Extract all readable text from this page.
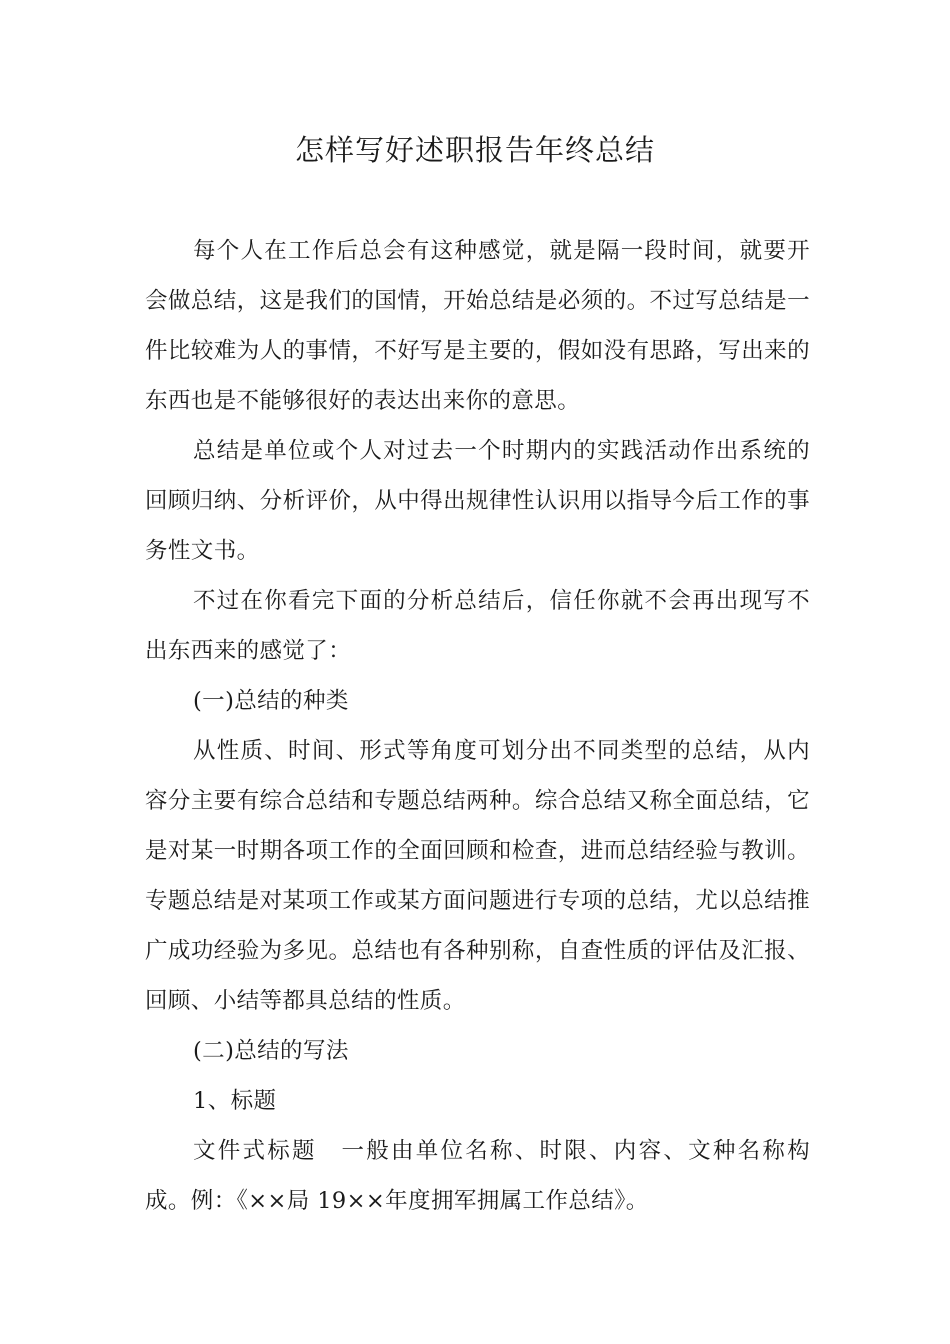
怎样写好述职报告年终总结

每个人在工作后总会有这种感觉，就是隔一段时间，就要开会做总结，这是我们的国情，开始总结是必须的。不过写总结是一件比较难为人的事情，不好写是主要的，假如没有思路，写出来的东西也是不能够很好的表达出来你的意思。

总结是单位或个人对过去一个时期内的实践活动作出系统的回顾归纳、分析评价，从中得出规律性认识用以指导今后工作的事务性文书。

不过在你看完下面的分析总结后，信任你就不会再出现写不出东西来的感觉了：

(一)总结的种类

从性质、时间、形式等角度可划分出不同类型的总结，从内容分主要有综合总结和专题总结两种。综合总结又称全面总结，它是对某一时期各项工作的全面回顾和检查，进而总结经验与教训。专题总结是对某项工作或某方面问题进行专项的总结，尤以总结推广成功经验为多见。总结也有各种别称，自查性质的评估及汇报、回顾、小结等都具总结的性质。

(二)总结的写法

1、标题

文件式标题　一般由单位名称、时限、内容、文种名称构成。例：《××局 19××年度拥军拥属工作总结》。
